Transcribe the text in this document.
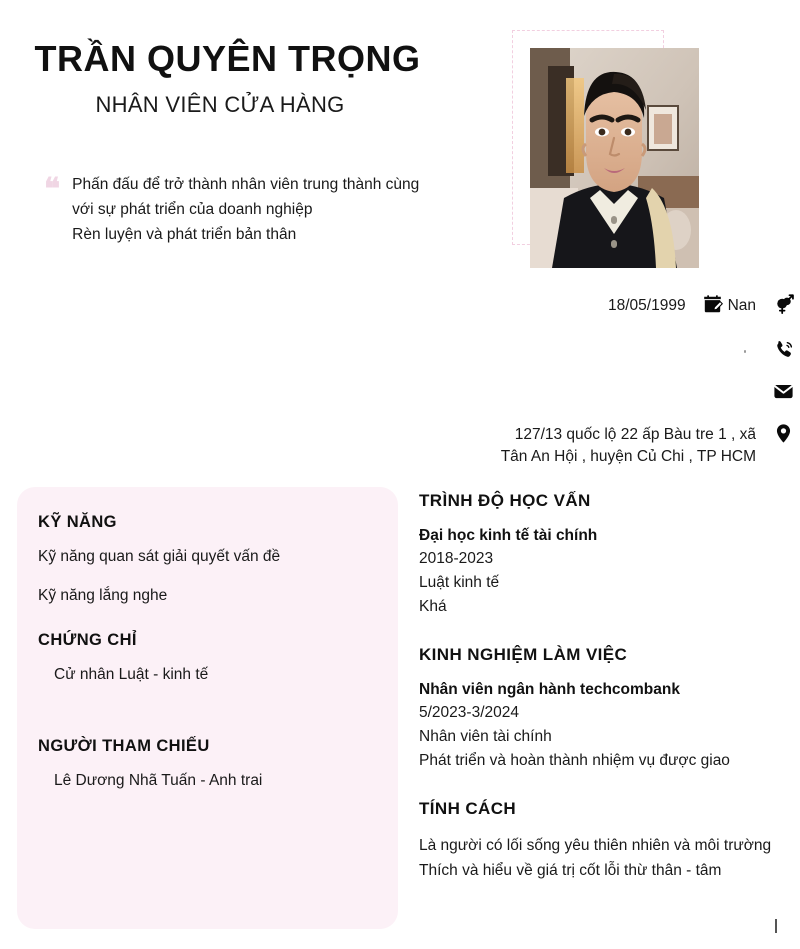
TRẦN QUYÊN TRỌNG
NHÂN VIÊN CỬA HÀNG
❝ Phấn đấu để trở thành nhân viên trung thành cùng
với sự phát triển của doanh nghiệp
Rèn luyện và phát triển bản thân
18/05/1999	Nan
127/13 quốc lộ 22 ấp Bàu tre 1 , xã
Tân An Hội , huyện Củ Chi , TP HCM
KỸ NĂNG
Kỹ năng quan sát giải quyết vấn đề
Kỹ năng lắng nghe
CHỨNG CHỈ
Cử nhân Luật - kinh tế
NGƯỜI THAM CHIẾU
Lê Dương Nhã Tuấn - Anh trai
TRÌNH ĐỘ HỌC VẤN
Đại học kinh tế tài chính
2018-2023
Luật kinh tế
Khá
KINH NGHIỆM LÀM VIỆC
Nhân viên ngân hành techcombank
5/2023-3/2024
Nhân viên tài chính
Phát triển và hoàn thành nhiệm vụ được giao
TÍNH CÁCH
Là người có lối sống yêu thiên nhiên và môi trường
Thích và hiểu về giá trị cốt lỗi thừ thân - tâm
